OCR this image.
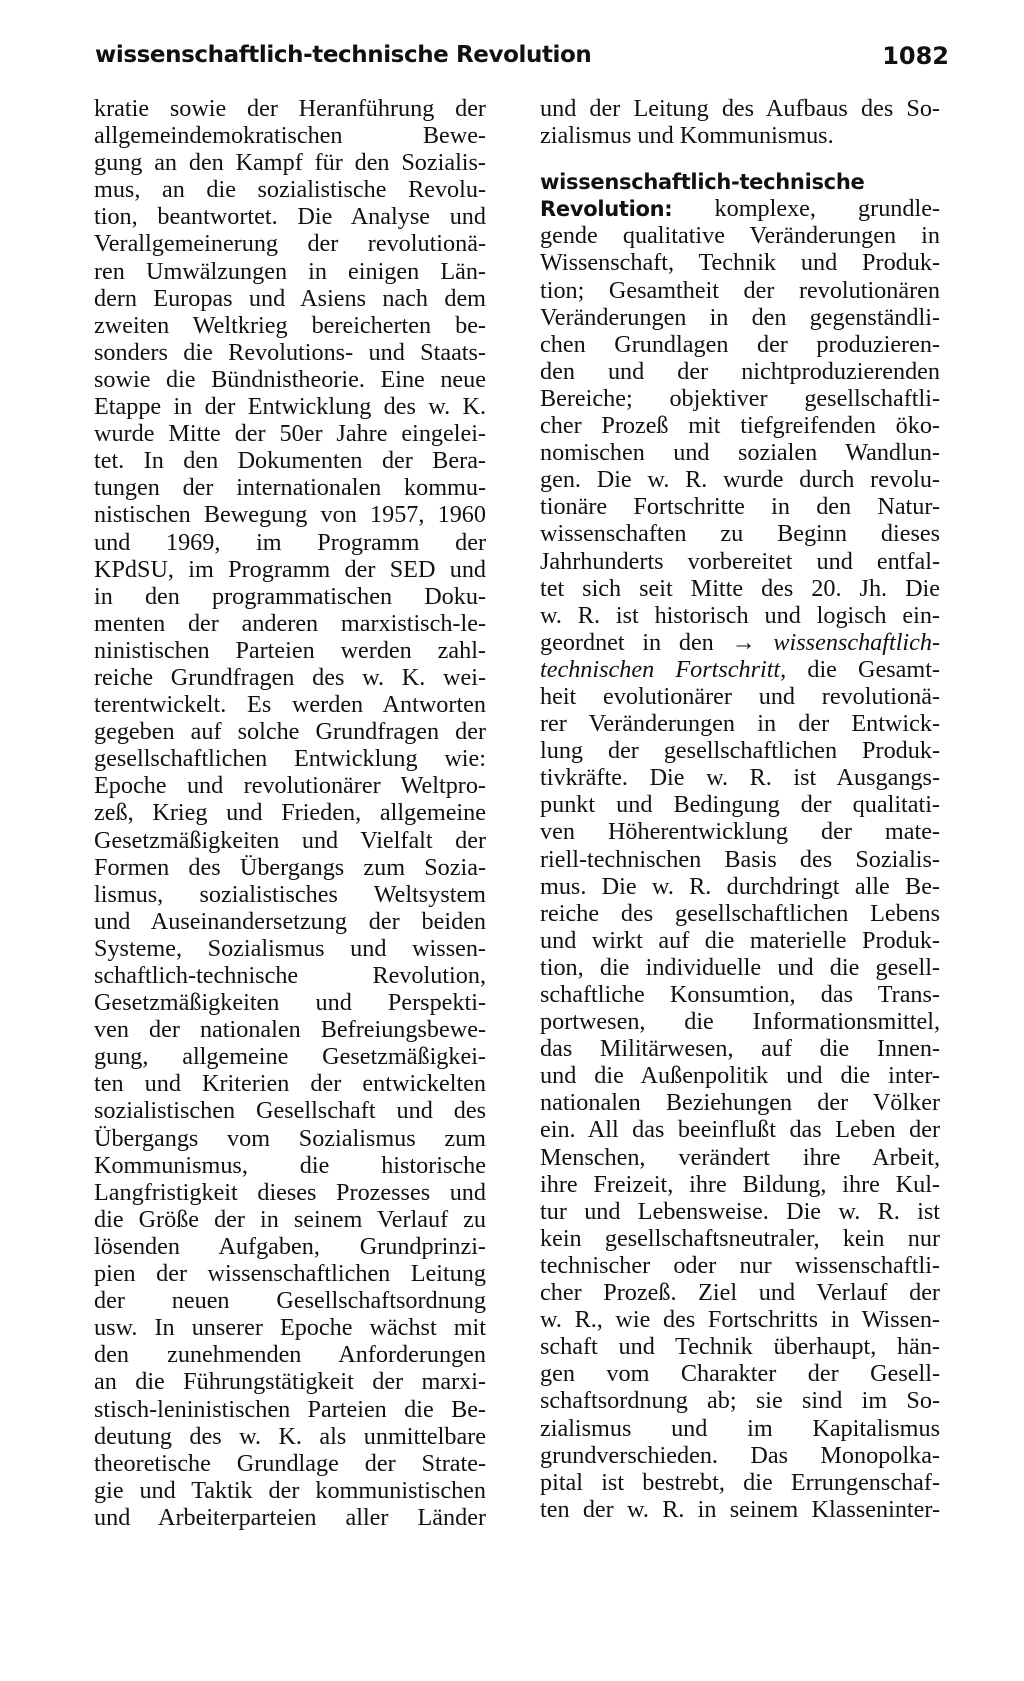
wissenschaftlich-technische Revolution	1082
kratie sowie der Heranführung der
allgemeindemokratischen Bewe-
gung an den Kampf für den Sozialis-
mus, an die sozialistische Revolu-
tion, beantwortet. Die Analyse und
Verallgemeinerung der revolutionä-
ren Umwälzungen in einigen Län-
dern Europas und Asiens nach dem
zweiten Weltkrieg bereicherten be-
sonders die Revolutions- und Staats-
sowie die Bündnistheorie. Eine neue
Etappe in der Entwicklung des w. K.
wurde Mitte der 50er Jahre eingelei-
tet. In den Dokumenten der Bera-
tungen der internationalen kommu-
nistischen Bewegung von 1957, 1960
und 1969, im Programm der
KPdSU, im Programm der SED und
in den programmatischen Doku-
menten der anderen marxistisch-le-
ninistischen Parteien werden zahl-
reiche Grundfragen des w. K. wei-
terentwickelt. Es werden Antworten
gegeben auf solche Grundfragen der
gesellschaftlichen Entwicklung wie:
Epoche und revolutionärer Weltpro-
zeß, Krieg und Frieden, allgemeine
Gesetzmäßigkeiten und Vielfalt der
Formen des Übergangs zum Sozia-
lismus, sozialistisches Weltsystem
und Auseinandersetzung der beiden
Systeme, Sozialismus und wissen-
schaftlich-technische Revolution,
Gesetzmäßigkeiten und Perspekti-
ven der nationalen Befreiungsbewe-
gung, allgemeine Gesetzmäßigkei-
ten und Kriterien der entwickelten
sozialistischen Gesellschaft und des
Übergangs vom Sozialismus zum
Kommunismus, die historische
Langfristigkeit dieses Prozesses und
die Größe der in seinem Verlauf zu
lösenden Aufgaben, Grundprinzi-
pien der wissenschaftlichen Leitung
der neuen Gesellschaftsordnung
usw. In unserer Epoche wächst mit
den zunehmenden Anforderungen
an die Führungstätigkeit der marxi-
stisch-leninistischen Parteien die Be-
deutung des w. K. als unmittelbare
theoretische Grundlage der Strate-
gie und Taktik der kommunistischen
und Arbeiterparteien aller Länder
und der Leitung des Aufbaus des So-
zialismus und Kommunismus.
wissenschaftlich-technische
Revolution: komplexe, grundle-
gende qualitative Veränderungen in
Wissenschaft, Technik und Produk-
tion; Gesamtheit der revolutionären
Veränderungen in den gegenständli-
chen Grundlagen der produzieren-
den und der nichtproduzierenden
Bereiche; objektiver gesellschaftli-
cher Prozeß mit tiefgreifenden öko-
nomischen und sozialen Wandlun-
gen. Die w. R. wurde durch revolu-
tionäre Fortschritte in den Natur-
wissenschaften zu Beginn dieses
Jahrhunderts vorbereitet und entfal-
tet sich seit Mitte des 20. Jh. Die
w. R. ist historisch und logisch ein-
geordnet in den → wissenschaftlich-
technischen Fortschritt, die Gesamt-
heit evolutionärer und revolutionä-
rer Veränderungen in der Entwick-
lung der gesellschaftlichen Produk-
tivkräfte. Die w. R. ist Ausgangs-
punkt und Bedingung der qualitati-
ven Höherentwicklung der mate-
riell-technischen Basis des Sozialis-
mus. Die w. R. durchdringt alle Be-
reiche des gesellschaftlichen Lebens
und wirkt auf die materielle Produk-
tion, die individuelle und die gesell-
schaftliche Konsumtion, das Trans-
portwesen, die Informationsmittel,
das Militärwesen, auf die Innen-
und die Außenpolitik und die inter-
nationalen Beziehungen der Völker
ein. All das beeinflußt das Leben der
Menschen, verändert ihre Arbeit,
ihre Freizeit, ihre Bildung, ihre Kul-
tur und Lebensweise. Die w. R. ist
kein gesellschaftsneutraler, kein nur
technischer oder nur wissenschaftli-
cher Prozeß. Ziel und Verlauf der
w. R., wie des Fortschritts in Wissen-
schaft und Technik überhaupt, hän-
gen vom Charakter der Gesell-
schaftsordnung ab; sie sind im So-
zialismus und im Kapitalismus
grundverschieden. Das Monopolka-
pital ist bestrebt, die Errungenschaf-
ten der w. R. in seinem Klasseninter-
